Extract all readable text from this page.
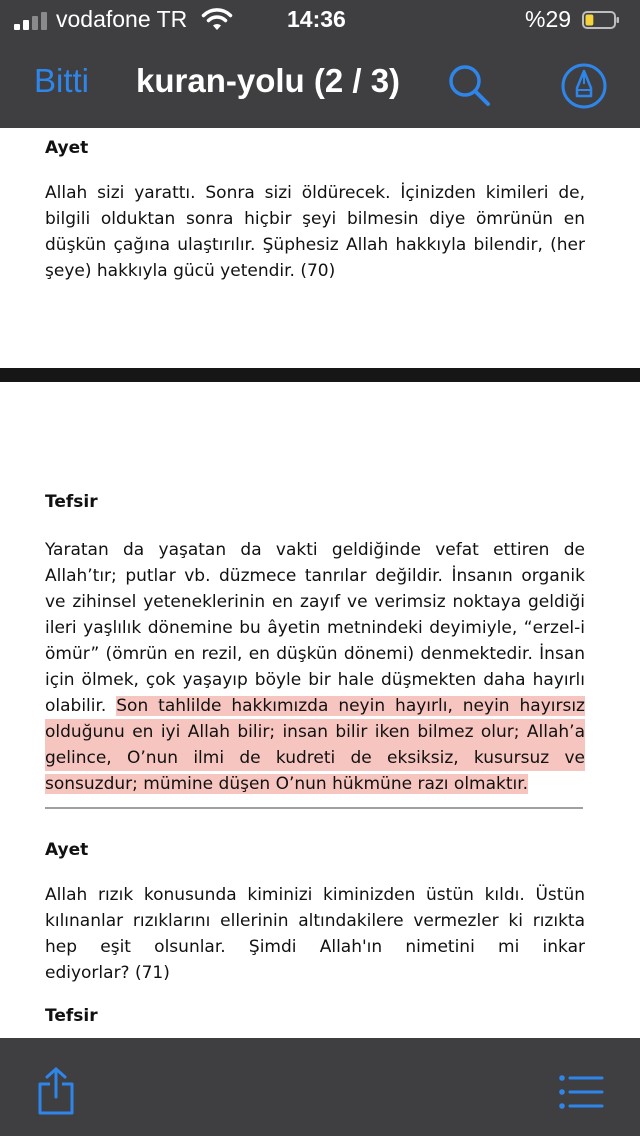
vodafone TR	14:36	%29
Bitti kuran-yolu (2 / 3)
Ayet
Allah sizi yarattı. Sonra sizi öldürecek. İçinizden kimileri de,
bilgili olduktan sonra hiçbir şeyi bilmesin diye ömrünün en
düşkün çağına ulaştırılır. Şüphesiz Allah hakkıyla bilendir, (her
şeye) hakkıyla gücü yetendir. (70)
Tefsir
Yaratan da yaşatan da vakti geldiğinde vefat ettiren de
Allah’tır; putlar vb. düzmece tanrılar değildir. İnsanın organik
ve zihinsel yeteneklerinin en zayıf ve verimsiz noktaya geldiği
ileri yaşlılık dönemine bu âyetin metnindeki deyimiyle, “erzel-i
ömür” (ömrün en rezil, en düşkün dönemi) denmektedir. İnsan
için ölmek, çok yaşayıp böyle bir hale düşmekten daha hayırlı
olabilir. Son tahlilde hakkımızda neyin hayırlı, neyin hayırsız
olduğunu en iyi Allah bilir; insan bilir iken bilmez olur; Allah’a
gelince, O’nun ilmi de kudreti de eksiksiz, kusursuz ve
sonsuzdur; mümine düşen O’nun hükmüne razı olmaktır.
Ayet
Allah rızık konusunda kiminizi kiminizden üstün kıldı. Üstün
kılınanlar rızıklarını ellerinin altındakilere vermezler ki rızıkta
hep eşit olsunlar. Şimdi Allah'ın nimetini mi inkar
ediyorlar? (71)
Tefsir
